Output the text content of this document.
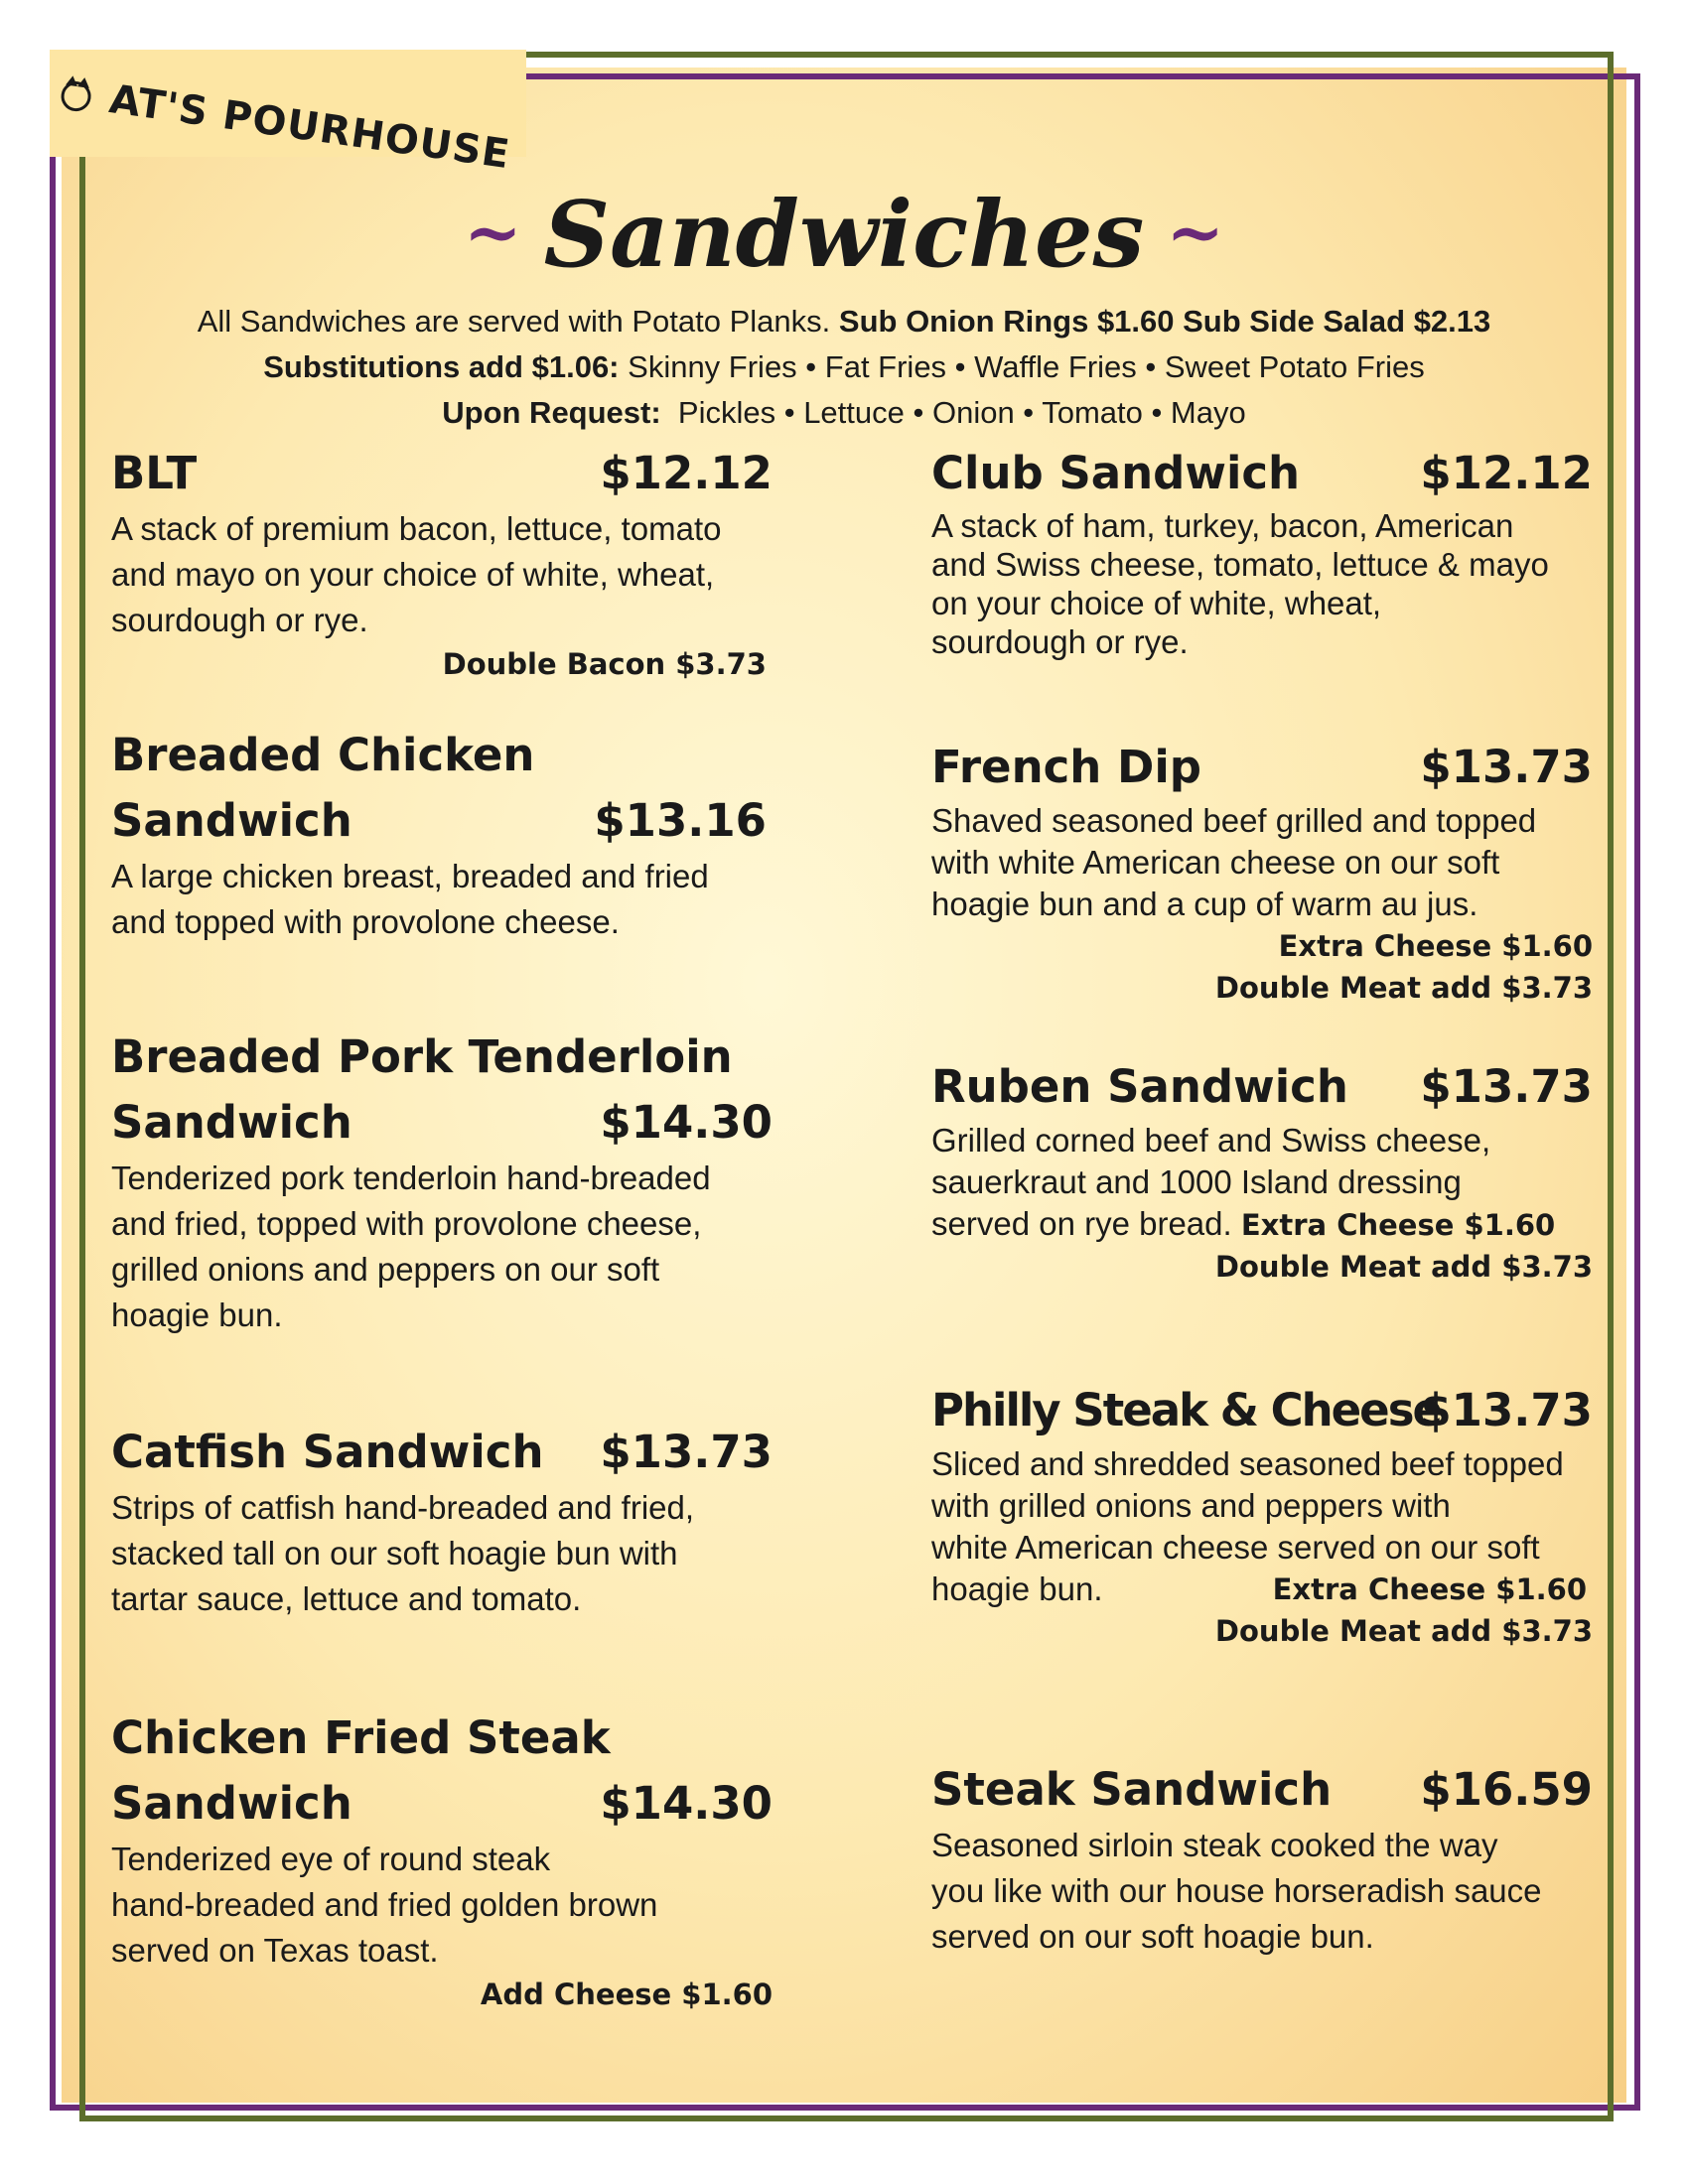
AT'S POURHOUSE
~ Sandwiches ~
All Sandwiches are served with Potato Planks. Sub Onion Rings $1.60 Sub Side Salad $2.13
Substitutions add $1.06: Skinny Fries • Fat Fries • Waffle Fries • Sweet Potato Fries
Upon Request: Pickles • Lettuce • Onion • Tomato • Mayo
BLT	$12.12
A stack of premium bacon, lettuce, tomato
and mayo on your choice of white, wheat,
sourdough or rye.
Double Bacon $3.73
Breaded Chicken
Sandwich	$13.16
A large chicken breast, breaded and fried
and topped with provolone cheese.
Breaded Pork Tenderloin
Sandwich	$14.30
Tenderized pork tenderloin hand-breaded
and fried, topped with provolone cheese,
grilled onions and peppers on our soft
hoagie bun.
Catfish Sandwich	$13.73
Strips of catfish hand-breaded and fried,
stacked tall on our soft hoagie bun with
tartar sauce, lettuce and tomato.
Chicken Fried Steak
Sandwich	$14.30
Tenderized eye of round steak
hand-breaded and fried golden brown
served on Texas toast.
Add Cheese $1.60
Club Sandwich	$12.12
A stack of ham, turkey, bacon, American
and Swiss cheese, tomato, lettuce & mayo
on your choice of white, wheat,
sourdough or rye.
French Dip	$13.73
Shaved seasoned beef grilled and topped
with white American cheese on our soft
hoagie bun and a cup of warm au jus.
Extra Cheese $1.60
Double Meat add $3.73
Ruben Sandwich	$13.73
Grilled corned beef and Swiss cheese,
sauerkraut and 1000 Island dressing
served on rye bread. Extra Cheese $1.60
Double Meat add $3.73
Philly Steak & Cheese
$13.73
Sliced and shredded seasoned beef topped
with grilled onions and peppers with
white American cheese served on our soft
hoagie bun.	Extra Cheese $1.60
Double Meat add $3.73
Steak Sandwich	$16.59
Seasoned sirloin steak cooked the way
you like with our house horseradish sauce
served on our soft hoagie bun.
